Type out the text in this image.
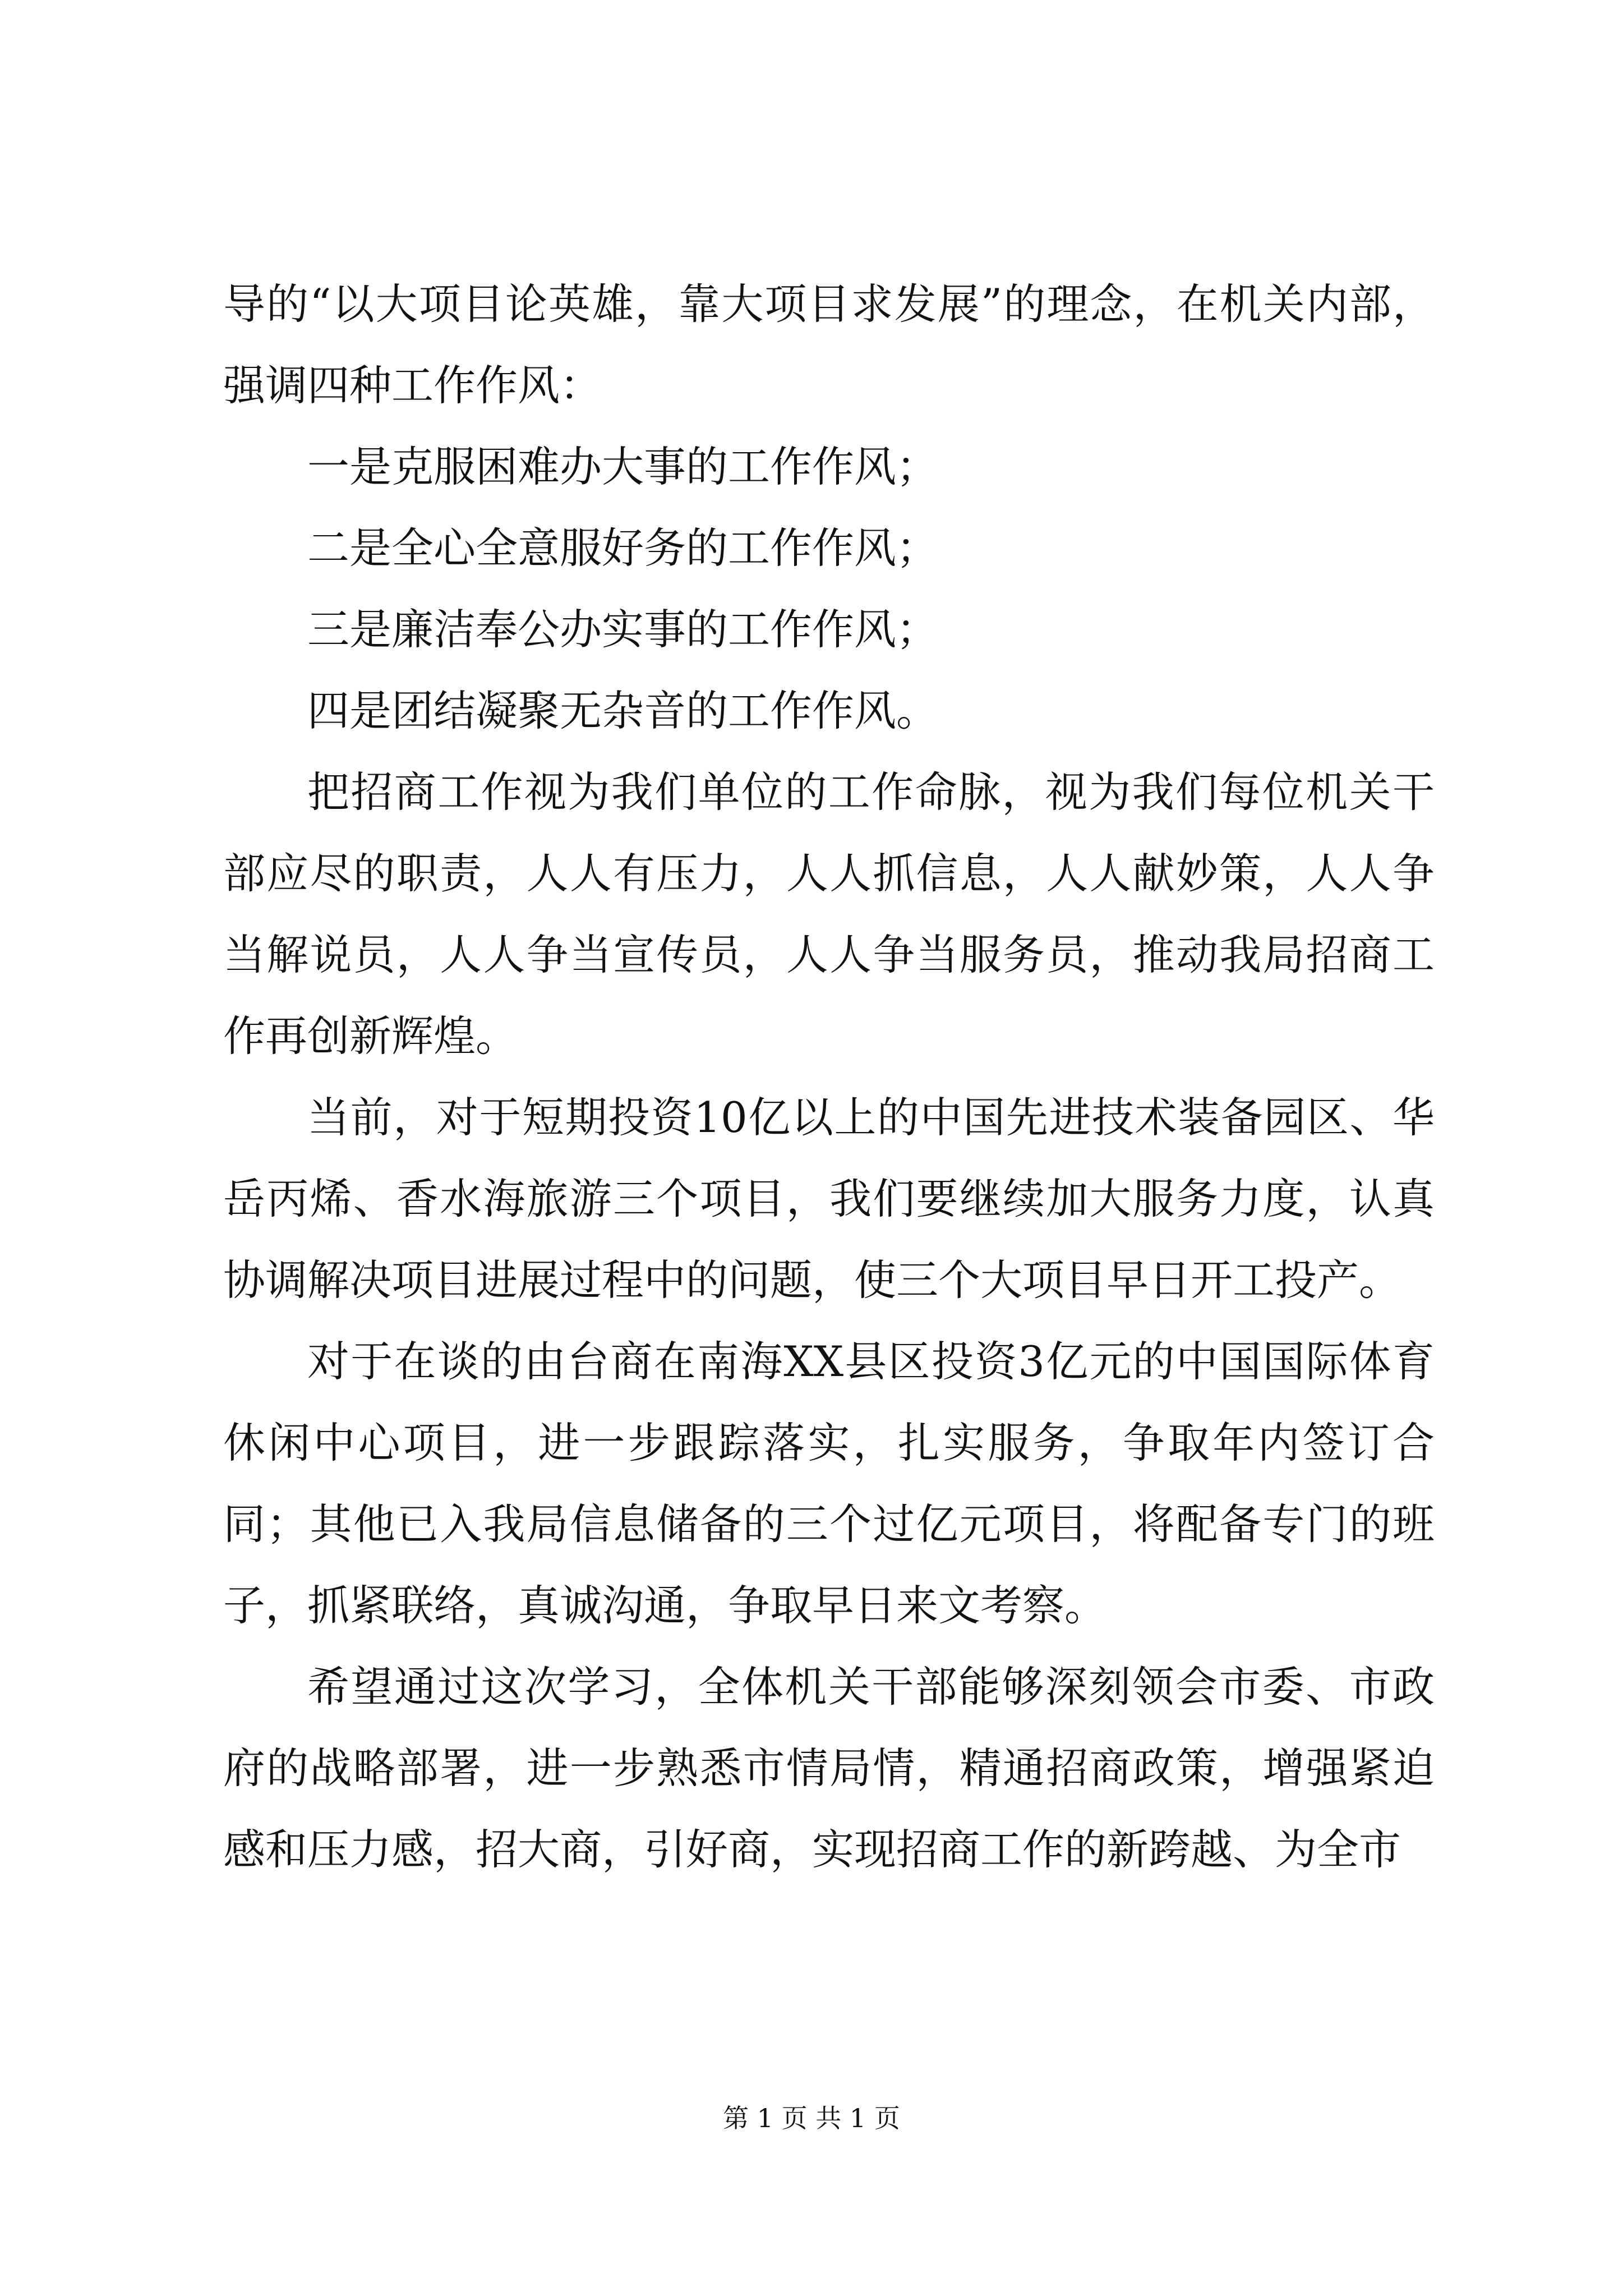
导的“以大项目论英雄，靠大项目求发展”的理念，在机关内部，强调四种工作作风：

一是克服困难办大事的工作作风；

二是全心全意服好务的工作作风；

三是廉洁奉公办实事的工作作风；

四是团结凝聚无杂音的工作作风。

把招商工作视为我们单位的工作命脉，视为我们每位机关干部应尽的职责，人人有压力，人人抓信息，人人献妙策，人人争当解说员，人人争当宣传员，人人争当服务员，推动我局招商工作再创新辉煌。

当前，对于短期投资10亿以上的中国先进技术装备园区、华岳丙烯、香水海旅游三个项目，我们要继续加大服务力度，认真协调解决项目进展过程中的问题，使三个大项目早日开工投产。

对于在谈的由台商在南海XX县区投资3亿元的中国国际体育休闲中心项目，进一步跟踪落实，扎实服务，争取年内签订合同；其他已入我局信息储备的三个过亿元项目，将配备专门的班子，抓紧联络，真诚沟通，争取早日来文考察。

希望通过这次学习，全体机关干部能够深刻领会市委、市政府的战略部署，进一步熟悉市情局情，精通招商政策，增强紧迫感和压力感，招大商，引好商，实现招商工作的新跨越、为全市

第 1 页 共 1 页
